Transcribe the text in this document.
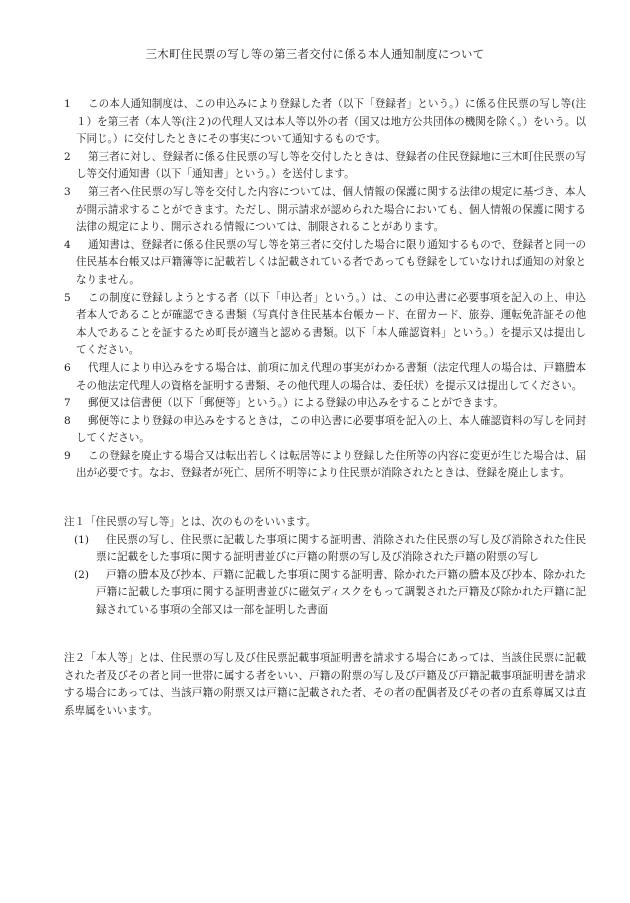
三木町住民票の写し等の第三者交付に係る本人通知制度について
1	この本人通知制度は、この申込みにより登録した者（以下「登録者」という。）に係る住民票の写し等(注１）を第三者（本人等(注２)の代理人又は本人等以外の者（国又は地方公共団体の機関を除く。）をいう。以下同じ。）に交付したときにその事実について通知するものです。
2	第三者に対し、登録者に係る住民票の写し等を交付したときは、登録者の住民登録地に三木町住民票の写し等交付通知書（以下「通知書」という。）を送付します。
3	第三者へ住民票の写し等を交付した内容については、個人情報の保護に関する法律の規定に基づき、本人が開示請求することができます。ただし、開示請求が認められた場合においても、個人情報の保護に関する法律の規定により、開示される情報については、制限されることがあります。
4	通知書は、登録者に係る住民票の写し等を第三者に交付した場合に限り通知するもので、登録者と同一の住民基本台帳又は戸籍簿等に記載若しくは記載されている者であっても登録をしていなければ通知の対象となりません。
5	この制度に登録しようとする者（以下「申込者」という。）は、この申込書に必要事項を記入の上、申込者本人であることが確認できる書類（写真付き住民基本台帳カード、在留カード、旅券、運転免許証その他本人であることを証するため町長が適当と認める書類。以下「本人確認資料」という。）を提示又は提出してください。
6	代理人により申込みをする場合は、前項に加え代理の事実がわかる書類（法定代理人の場合は、戸籍謄本その他法定代理人の資格を証明する書類、その他代理人の場合は、委任状）を提示又は提出してください。
7	郵便又は信書便（以下「郵便等」という。）による登録の申込みをすることができます。
8	郵便等により登録の申込みをするときは，この申込書に必要事項を記入の上、本人確認資料の写しを同封してください。
9	この登録を廃止する場合又は転出若しくは転居等により登録した住所等の内容に変更が生じた場合は、届出が必要です。なお、登録者が死亡、居所不明等により住民票が消除されたときは、登録を廃止します。
注１「住民票の写し等」とは、次のものをいいます。
(1)	住民票の写し、住民票に記載した事項に関する証明書、消除された住民票の写し及び消除された住民票に記載をした事項に関する証明書並びに戸籍の附票の写し及び消除された戸籍の附票の写し
(2)	戸籍の謄本及び抄本、戸籍に記載した事項に関する証明書、除かれた戸籍の謄本及び抄本、除かれた戸籍に記載した事項に関する証明書並びに磁気ディスクをもって調製された戸籍及び除かれた戸籍に記録されている事項の全部又は一部を証明した書面
注２「本人等」とは、住民票の写し及び住民票記載事項証明書を請求する場合にあっては、当該住民票に記載された者及びその者と同一世帯に属する者をいい、戸籍の附票の写し及び戸籍及び戸籍記載事項証明書を請求する場合にあっては、当該戸籍の附票又は戸籍に記載された者、その者の配偶者及びその者の直系尊属又は直系卑属をいいます。
